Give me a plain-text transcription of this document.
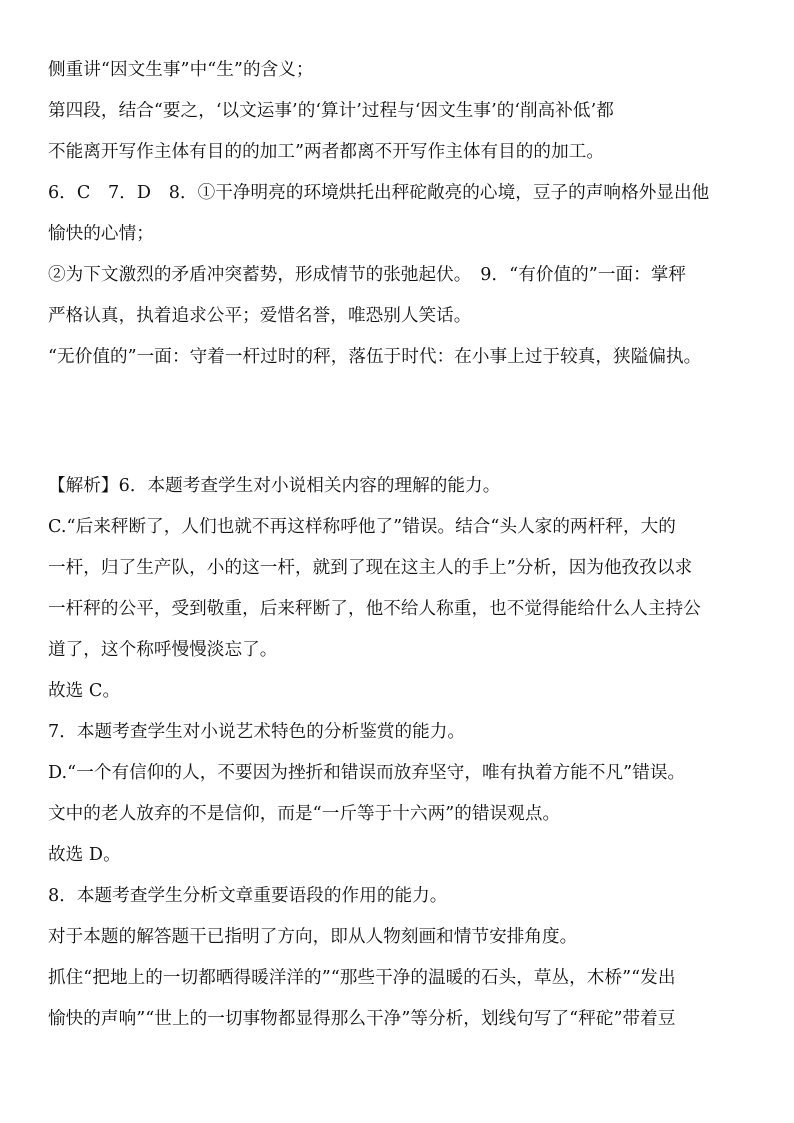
侧重讲“因文生事”中“生”的含义；
第四段，结合“要之，‘以文运事’的‘算计’过程与‘因文生事’的‘削高补低’都
不能离开写作主体有目的的加工”两者都离不开写作主体有目的的加工。
6．C　7．D　8．①干净明亮的环境烘托出秤砣敞亮的心境，豆子的声响格外显出他
愉快的心情；
②为下文激烈的矛盾冲突蓄势，形成情节的张弛起伏。　9．“有价值的”一面：掌秤
严格认真，执着追求公平；爱惜名誉，唯恐别人笑话。
“无价值的”一面：守着一杆过时的秤，落伍于时代：在小事上过于较真，狭隘偏执。
【解析】6．本题考查学生对小说相关内容的理解的能力。
C.“后来秤断了，人们也就不再这样称呼他了”错误。结合“头人家的两杆秤，大的
一杆，归了生产队，小的这一杆，就到了现在这主人的手上”分析，因为他孜孜以求
一杆秤的公平，受到敬重，后来秤断了，他不给人称重，也不觉得能给什么人主持公
道了，这个称呼慢慢淡忘了。
故选 C。
7．本题考查学生对小说艺术特色的分析鉴赏的能力。
D.“一个有信仰的人，不要因为挫折和错误而放弃坚守，唯有执着方能不凡”错误。
文中的老人放弃的不是信仰，而是“一斤等于十六两”的错误观点。
故选 D。
8．本题考查学生分析文章重要语段的作用的能力。
对于本题的解答题干已指明了方向，即从人物刻画和情节安排角度。
抓住“把地上的一切都晒得暖洋洋的”“那些干净的温暖的石头，草丛，木桥”“发出
愉快的声响”“世上的一切事物都显得那么干净”等分析，划线句写了“秤砣”带着豆
